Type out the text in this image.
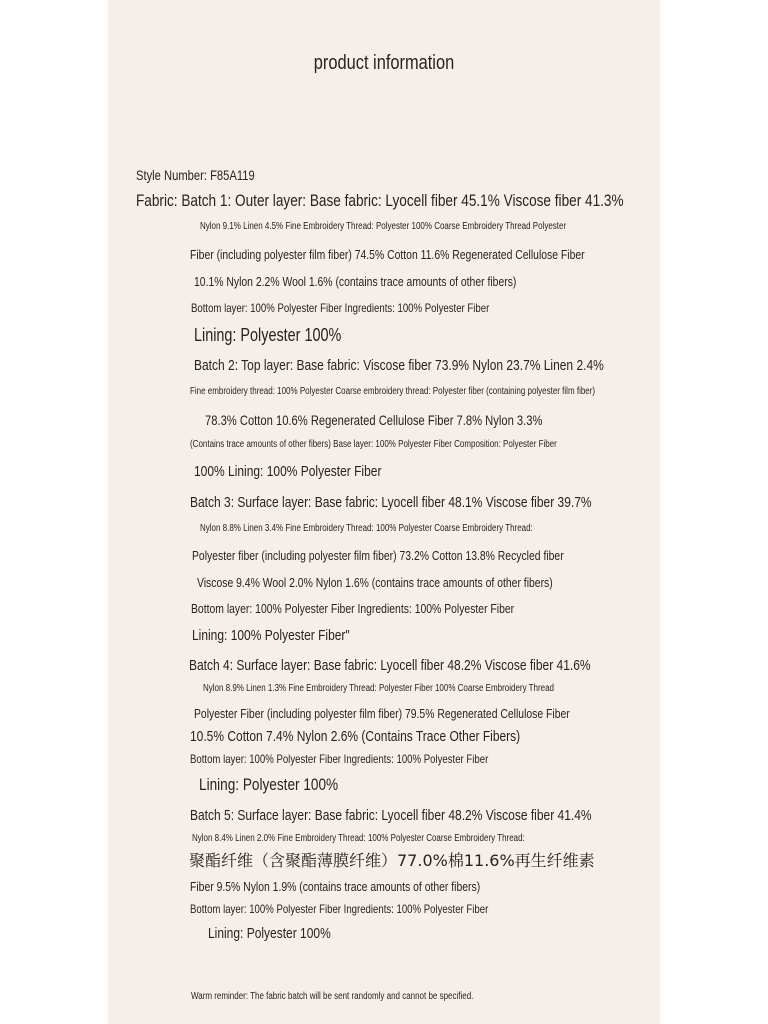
product information
Style Number: F85A119
Fabric: Batch 1: Outer layer: Base fabric: Lyocell fiber 45.1% Viscose fiber 41.3%
Nylon 9.1% Linen 4.5% Fine Embroidery Thread: Polyester 100% Coarse Embroidery Thread Polyester
Fiber (including polyester film fiber) 74.5% Cotton 11.6% Regenerated Cellulose Fiber
10.1% Nylon 2.2% Wool 1.6% (contains trace amounts of other fibers)
Bottom layer: 100% Polyester Fiber Ingredients: 100% Polyester Fiber
Lining: Polyester 100%
Batch 2: Top layer: Base fabric: Viscose fiber 73.9% Nylon 23.7% Linen 2.4%
Fine embroidery thread: 100% Polyester Coarse embroidery thread: Polyester fiber (containing polyester film fiber)
78.3% Cotton 10.6% Regenerated Cellulose Fiber 7.8% Nylon 3.3%
(Contains trace amounts of other fibers) Base layer: 100% Polyester Fiber Composition: Polyester Fiber
100% Lining: 100% Polyester Fiber
Batch 3: Surface layer: Base fabric: Lyocell fiber 48.1% Viscose fiber 39.7%
Nylon 8.8% Linen 3.4% Fine Embroidery Thread: 100% Polyester Coarse Embroidery Thread:
Polyester fiber (including polyester film fiber) 73.2% Cotton 13.8% Recycled fiber
Viscose 9.4% Wool 2.0% Nylon 1.6% (contains trace amounts of other fibers)
Bottom layer: 100% Polyester Fiber Ingredients: 100% Polyester Fiber
Lining: 100% Polyester Fiber"
Batch 4: Surface layer: Base fabric: Lyocell fiber 48.2% Viscose fiber 41.6%
Nylon 8.9% Linen 1.3% Fine Embroidery Thread: Polyester Fiber 100% Coarse Embroidery Thread
Polyester Fiber (including polyester film fiber) 79.5% Regenerated Cellulose Fiber
10.5% Cotton 7.4% Nylon 2.6% (Contains Trace Other Fibers)
Bottom layer: 100% Polyester Fiber Ingredients: 100% Polyester Fiber
Lining: Polyester 100%
Batch 5: Surface layer: Base fabric: Lyocell fiber 48.2% Viscose fiber 41.4%
Nylon 8.4% Linen 2.0% Fine Embroidery Thread: 100% Polyester Coarse Embroidery Thread:
聚酯纤维（含聚酯薄膜纤维）77.0%棉11.6%再生纤维素
Fiber 9.5% Nylon 1.9% (contains trace amounts of other fibers)
Bottom layer: 100% Polyester Fiber Ingredients: 100% Polyester Fiber
Lining: Polyester 100%
Warm reminder: The fabric batch will be sent randomly and cannot be specified.
